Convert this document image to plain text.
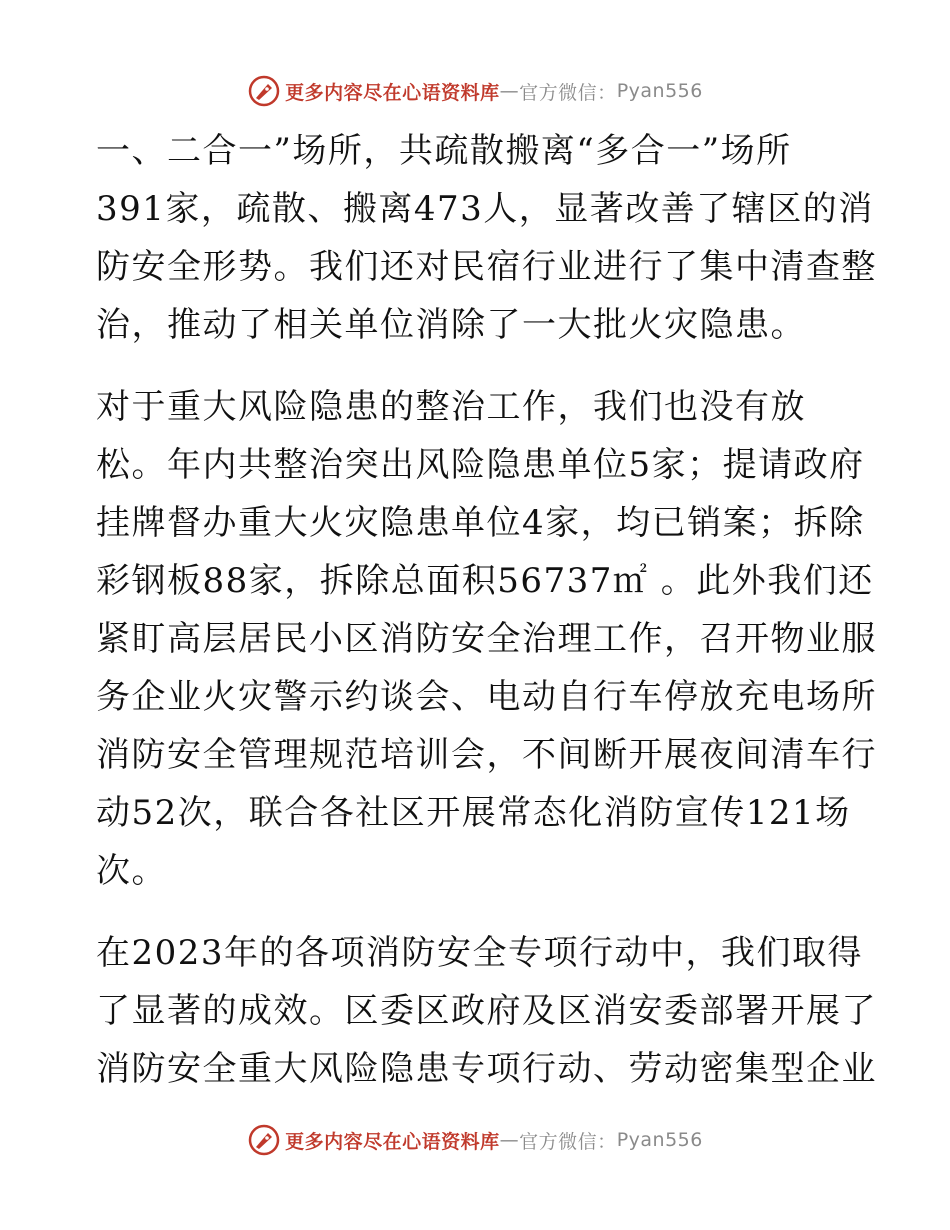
更多内容尽在心语资料库 — 官方微信： Pyan556
一、二合一”场所，共疏散搬离“多合一”场所
391家，疏散、搬离473人，显著改善了辖区的消
防安全形势。我们还对民宿行业进行了集中清查整
治，推动了相关单位消除了一大批火灾隐患。
对于重大风险隐患的整治工作，我们也没有放
松。年内共整治突出风险隐患单位5家；提请政府
挂牌督办重大火灾隐患单位4家，均已销案；拆除
彩钢板88家，拆除总面积56737㎡ 。此外我们还
紧盯高层居民小区消防安全治理工作，召开物业服
务企业火灾警示约谈会、电动自行车停放充电场所
消防安全管理规范培训会，不间断开展夜间清车行
动52次，联合各社区开展常态化消防宣传121场
次。
在2023年的各项消防安全专项行动中，我们取得
了显著的成效。区委区政府及区消安委部署开展了
消防安全重大风险隐患专项行动、劳动密集型企业
更多内容尽在心语资料库 — 官方微信： Pyan556
